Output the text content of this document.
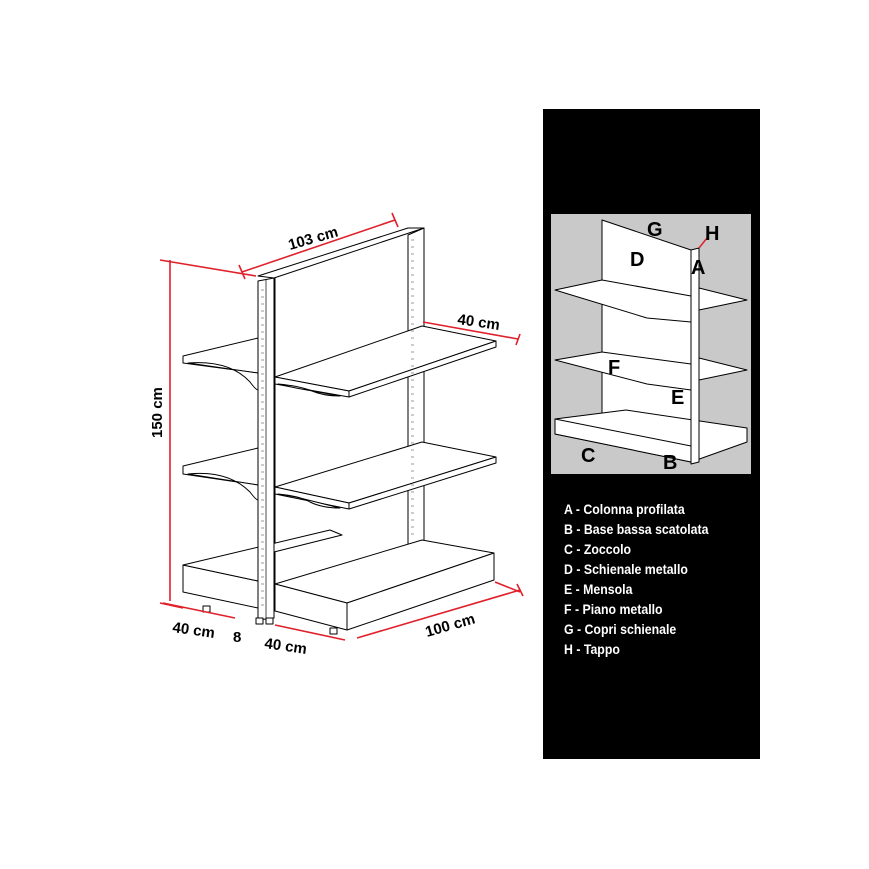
103 cm
150 cm
40 cm
40 cm 8 40 cm
100 cm
G H
D A
F
E
C	B
A - Colonna profilata
B - Base bassa scatolata
C - Zoccolo
D - Schienale metallo
E - Mensola
F - Piano metallo
G - Copri schienale
H - Tappo
